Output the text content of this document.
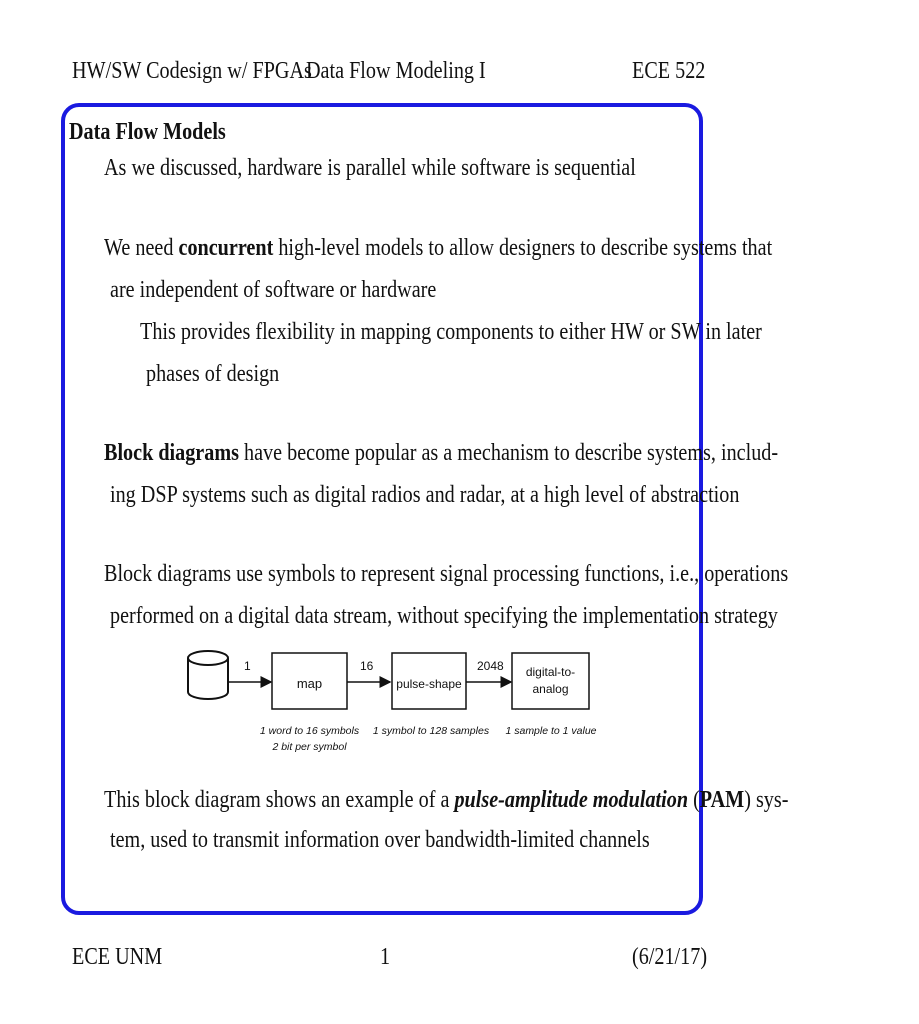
HW/SW Codesign w/ FPGAs
Data Flow Modeling I	ECE 522
Data Flow Models
As we discussed, hardware is parallel while software is sequential
We need concurrent high-level models to allow designers to describe systems that
are independent of software or hardware
This provides flexibility in mapping components to either HW or SW in later
phases of design
Block diagrams have become popular as a mechanism to describe systems, includ-
ing DSP systems such as digital radios and radar, at a high level of abstraction
Block diagrams use symbols to represent signal processing functions, i.e., operations
performed on a digital data stream, without specifying the implementation strategy
1	16	2048
map	pulse-shape
digital-to-
analog
1 word to 16 symbols
2 bit per symbol
1 symbol to 128 samples 1 sample to 1 value
This block diagram shows an example of a pulse-amplitude modulation (PAM) sys-
tem, used to transmit information over bandwidth-limited channels
ECE UNM	1	(6/21/17)
